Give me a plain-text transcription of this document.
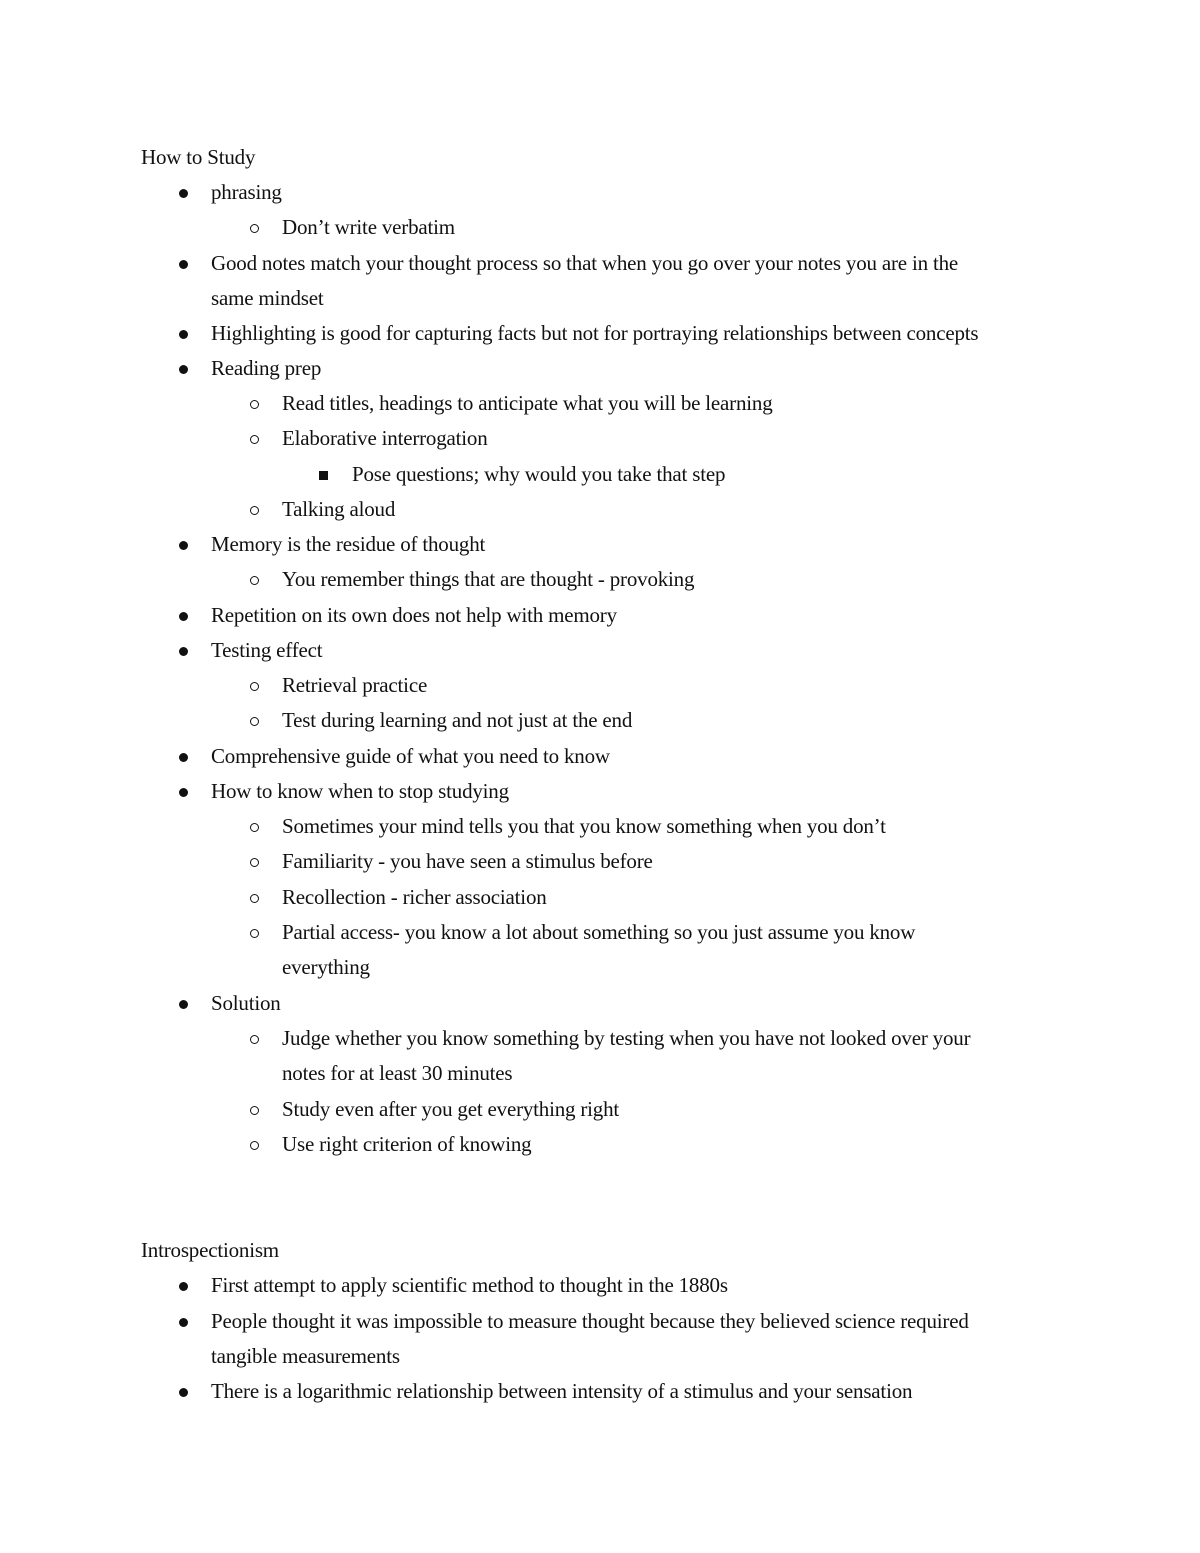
How to Study
phrasing
Don’t write verbatim
Good notes match your thought process so that when you go over your notes you are in the
same mindset
Highlighting is good for capturing facts but not for portraying relationships between concepts
Reading prep
Read titles, headings to anticipate what you will be learning
Elaborative interrogation
Pose questions; why would you take that step
Talking aloud
Memory is the residue of thought
You remember things that are thought - provoking
Repetition on its own does not help with memory
Testing effect
Retrieval practice
Test during learning and not just at the end
Comprehensive guide of what you need to know
How to know when to stop studying
Sometimes your mind tells you that you know something when you don’t
Familiarity - you have seen a stimulus before
Recollection - richer association
Partial access- you know a lot about something so you just assume you know
everything
Solution
Judge whether you know something by testing when you have not looked over your
notes for at least 30 minutes
Study even after you get everything right
Use right criterion of knowing
Introspectionism
First attempt to apply scientific method to thought in the 1880s
People thought it was impossible to measure thought because they believed science required
tangible measurements
There is a logarithmic relationship between intensity of a stimulus and your sensation
